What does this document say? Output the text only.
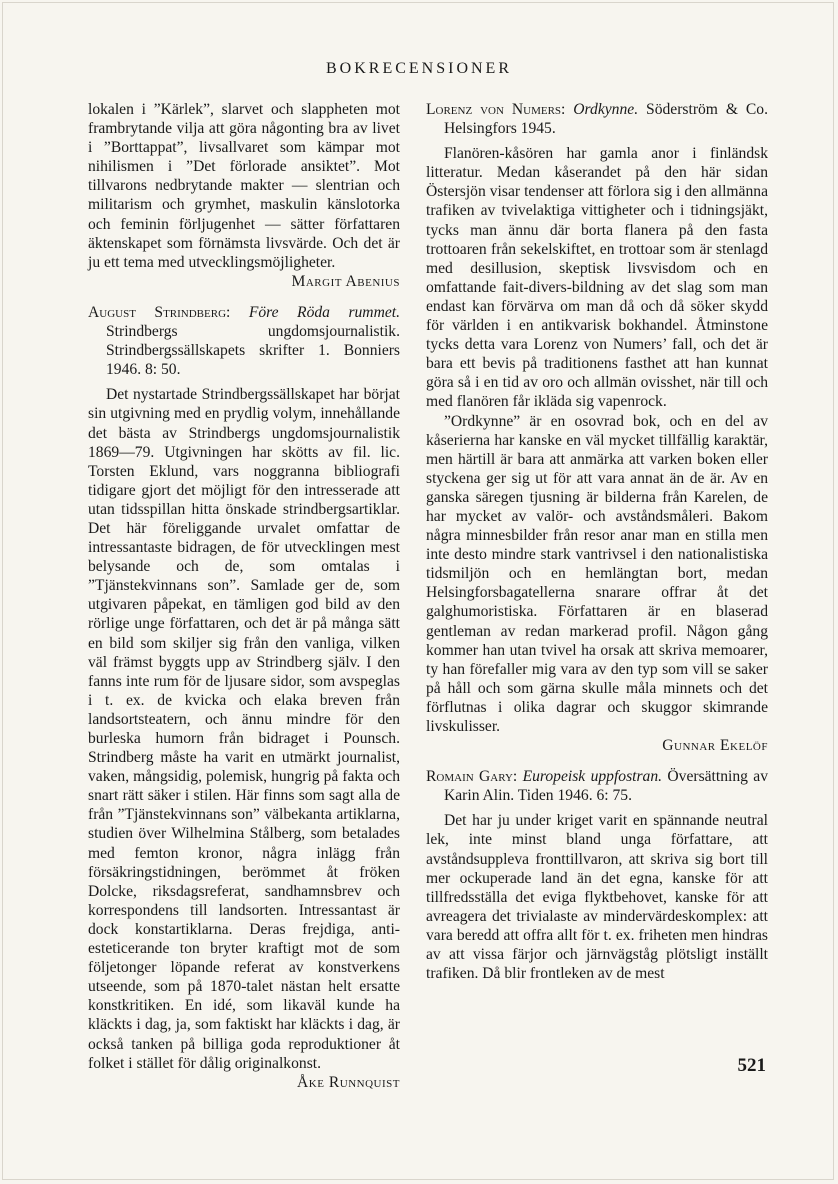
BOKRECENSIONER

lokalen i ”Kärlek”, slarvet och slappheten mot frambrytande vilja att göra någonting bra av livet i ”Borttappat”, livsallvaret som kämpar mot nihilismen i ”Det förlorade ansiktet”. Mot tillvarons nedbrytande makter — slentrian och militarism och grymhet, maskulin känslotorka och feminin förljugenhet — sätter författaren äktenskapet som förnämsta livsvärde. Och det är ju ett tema med utvecklingsmöjligheter.

Margit Abenius

August Strindberg: Före Röda rummet. Strindbergs ungdomsjournalistik. Strindbergssällskapets skrifter 1. Bonniers 1946. 8: 50.

Det nystartade Strindbergssällskapet har börjat sin utgivning med en prydlig volym, innehållande det bästa av Strindbergs ungdomsjournalistik 1869—79. Utgivningen har skötts av fil. lic. Torsten Eklund, vars noggranna bibliografi tidigare gjort det möjligt för den intresserade att utan tidsspillan hitta önskade strindbergsartiklar. Det här föreliggande urvalet omfattar de intressantaste bidragen, de för utvecklingen mest belysande och de, som omtalas i ”Tjänstekvinnans son”. Samlade ger de, som utgivaren påpekat, en tämligen god bild av den rörlige unge författaren, och det är på många sätt en bild som skiljer sig från den vanliga, vilken väl främst byggts upp av Strindberg själv. I den fanns inte rum för de ljusare sidor, som avspeglas i t. ex. de kvicka och elaka breven från landsortsteatern, och ännu mindre för den burleska humorn från bidraget i Pounsch. Strindberg måste ha varit en utmärkt journalist, vaken, mångsidig, polemisk, hungrig på fakta och snart rätt säker i stilen. Här finns som sagt alla de från ”Tjänstekvinnans son” välbekanta artiklarna, studien över Wilhelmina Stålberg, som betalades med femton kronor, några inlägg från försäkringstidningen, berömmet åt fröken Dolcke, riksdagsreferat, sandhamnsbrev och korrespondens till landsorten. Intressantast är dock konstartiklarna. Deras frejdiga, anti-esteticerande ton bryter kraftigt mot de som följetonger löpande referat av konstverkens utseende, som på 1870-talet nästan helt ersatte konstkritiken. En idé, som likaväl kunde ha kläckts i dag, ja, som faktiskt har kläckts i dag, är också tanken på billiga goda reproduktioner åt folket i stället för dålig originalkonst.

Åke Runnquist

Lorenz von Numers: Ordkynne. Söderström & Co. Helsingfors 1945.

Flanören-kåsören har gamla anor i finländsk litteratur. Medan kåserandet på den här sidan Östersjön visar tendenser att förlora sig i den allmänna trafiken av tvivelaktiga vittigheter och i tidningsjäkt, tycks man ännu där borta flanera på den fasta trottoaren från sekelskiftet, en trottoar som är stenlagd med desillusion, skeptisk livsvisdom och en omfattande fait-divers-bildning av det slag som man endast kan förvärva om man då och då söker skydd för världen i en antikvarisk bokhandel. Åtminstone tycks detta vara Lorenz von Numers’ fall, och det är bara ett bevis på traditionens fasthet att han kunnat göra så i en tid av oro och allmän ovisshet, när till och med flanören får ikläda sig vapenrock.

”Ordkynne” är en osovrad bok, och en del av kåserierna har kanske en väl mycket tillfällig karaktär, men härtill är bara att anmärka att varken boken eller styckena ger sig ut för att vara annat än de är. Av en ganska säregen tjusning är bilderna från Karelen, de har mycket av valör- och avståndsmåleri. Bakom några minnesbilder från resor anar man en stilla men inte desto mindre stark vantrivsel i den nationalistiska tidsmiljön och en hemlängtan bort, medan Helsingforsbagatellerna snarare offrar åt det galghumoristiska. Författaren är en blaserad gentleman av redan markerad profil. Någon gång kommer han utan tvivel ha orsak att skriva memoarer, ty han förefaller mig vara av den typ som vill se saker på håll och som gärna skulle måla minnets och det förflutnas i olika dagrar och skuggor skimrande livskulisser.

Gunnar Ekelöf

Romain Gary: Europeisk uppfostran. Översättning av Karin Alin. Tiden 1946. 6: 75.

Det har ju under kriget varit en spännande neutral lek, inte minst bland unga författare, att avståndsuppleva fronttillvaron, att skriva sig bort till mer ockuperade land än det egna, kanske för att tillfredsställa det eviga flyktbehovet, kanske för att avreagera det trivialaste av mindervärdeskomplex: att vara beredd att offra allt för t. ex. friheten men hindras av att vissa färjor och järnvägståg plötsligt inställt trafiken. Då blir frontleken av de mest

521
